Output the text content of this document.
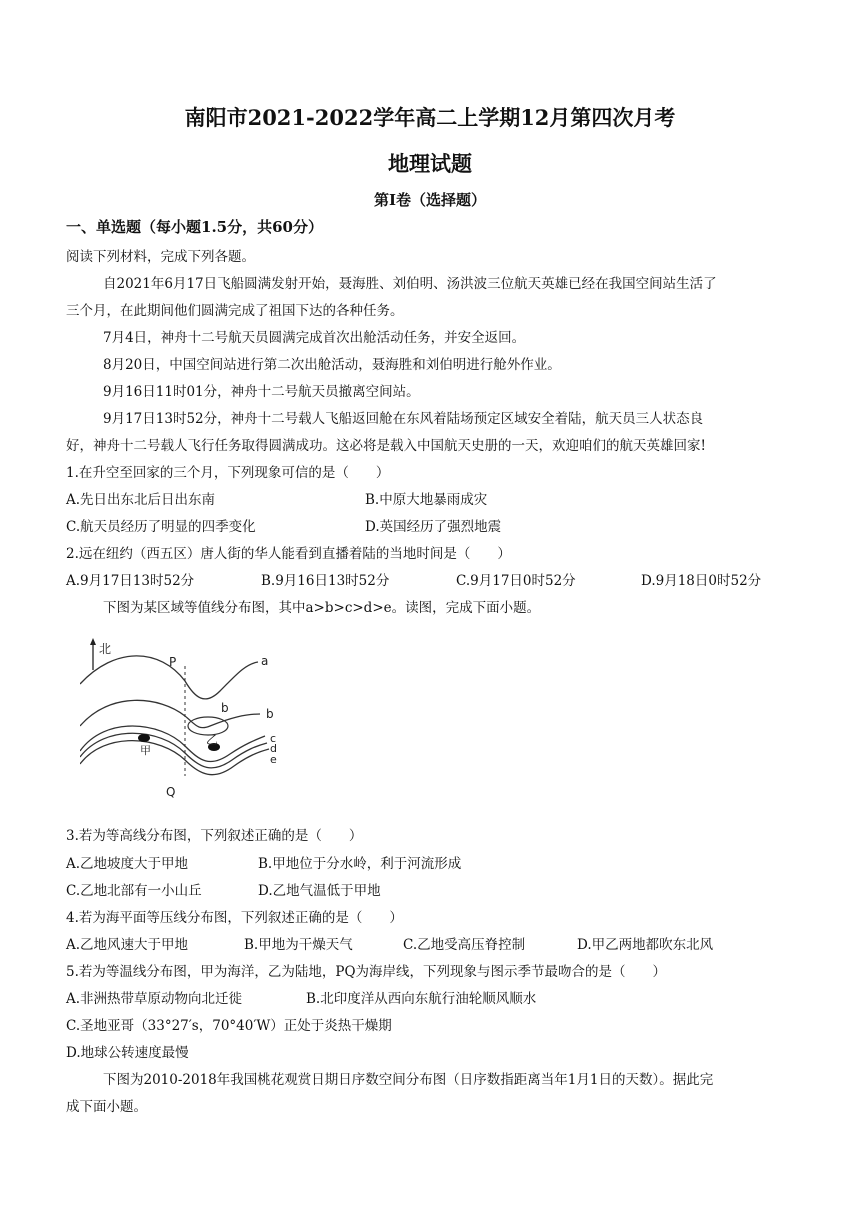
南阳市2021-2022学年高二上学期12月第四次月考
地理试题
第Ⅰ卷（选择题）
一、单选题（每小题1.5分，共60分）
阅读下列材料，完成下列各题。
自2021年6月17日飞船圆满发射开始，聂海胜、刘伯明、汤洪波三位航天英雄已经在我国空间站生活了
三个月，在此期间他们圆满完成了祖国下达的各种任务。
7月4日，神舟十二号航天员圆满完成首次出舱活动任务，并安全返回。
8月20日，中国空间站进行第二次出舱活动，聂海胜和刘伯明进行舱外作业。
9月16日11时01分，神舟十二号航天员撤离空间站。
9月17日13时52分，神舟十二号载人飞船返回舱在东风着陆场预定区域安全着陆，航天员三人状态良
好，神舟十二号载人飞行任务取得圆满成功。这必将是载入中国航天史册的一天，欢迎咱们的航天英雄回家!
1.在升空至回家的三个月，下列现象可信的是（　　）
A.先日出东北后日出东南	B.中原大地暴雨成灾
C.航天员经历了明显的四季变化	D.英国经历了强烈地震
2.远在纽约（西五区）唐人街的华人能看到直播着陆的当地时间是（　　）
A.9月17日13时52分	B.9月16日13时52分	C.9月17日0时52分	D.9月18日0时52分
下图为某区域等值线分布图，其中a>b>c>d>e。读图，完成下面小题。
北
P
Q
a
b
b
c
d
e
甲
乙
3.若为等高线分布图，下列叙述正确的是（　　）
A.乙地坡度大于甲地	B.甲地位于分水岭，利于河流形成
C.乙地北部有一小山丘	D.乙地气温低于甲地
4.若为海平面等压线分布图，下列叙述正确的是（　　）
A.乙地风速大于甲地	B.甲地为干燥天气	C.乙地受高压脊控制	D.甲乙两地都吹东北风
5.若为等温线分布图，甲为海洋，乙为陆地，PQ为海岸线，下列现象与图示季节最吻合的是（　　）
A.非洲热带草原动物向北迁徙	B.北印度洋从西向东航行油轮顺风顺水
C.圣地亚哥（33°27′s，70°40′W）正处于炎热干燥期
D.地球公转速度最慢
下图为2010-2018年我国桃花观赏日期日序数空间分布图（日序数指距离当年1月1日的天数）。据此完
成下面小题。
